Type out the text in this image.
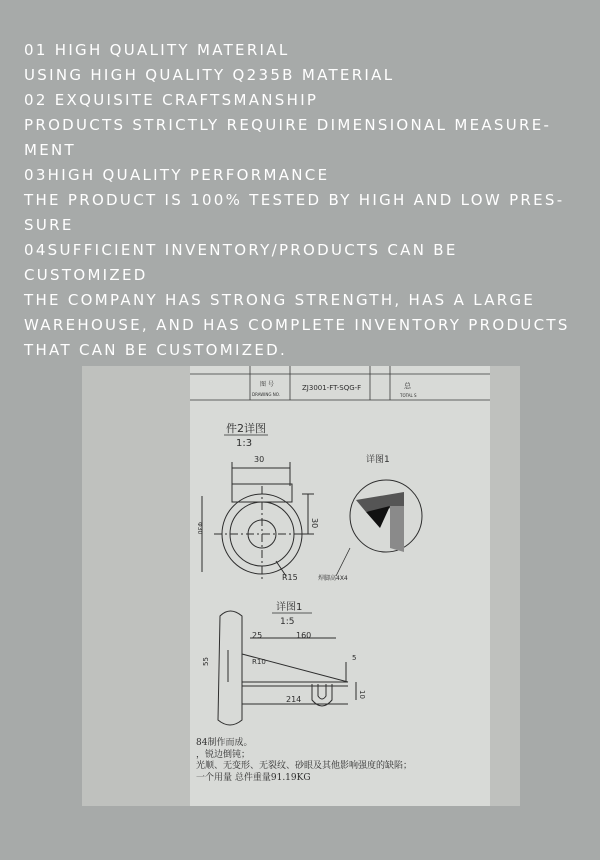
01 HIGH QUALITY MATERIAL

USING HIGH QUALITY Q235B MATERIAL

02 EXQUISITE CRAFTSMANSHIP

PRODUCTS STRICTLY REQUIRE DIMENSIONAL MEASURE-

MENT

03HIGH QUALITY PERFORMANCE

THE PRODUCT IS 100% TESTED BY HIGH AND LOW PRES-

SURE

04SUFFICIENT INVENTORY/PRODUCTS CAN BE CUSTOMIZED

THE COMPANY HAS STRONG STRENGTH, HAS A LARGE

WAREHOUSE, AND HAS COMPLETE INVENTORY PRODUCTS

THAT CAN BE CUSTOMIZED.

图 号
DRAWING NO.
ZJ3001-FT-SQG-F	总
TOTAL S
件2详图
1:3
30
30
Φ30
R15
详图1
焊脚高4X4
详图1
1:5
25	160
55	R10	5
10
214
84制作而成。
，锐边倒钝；
光顺、无变形、无裂纹、砂眼及其他影响强度的缺陷；
一个用量 总件重量91.19KG
